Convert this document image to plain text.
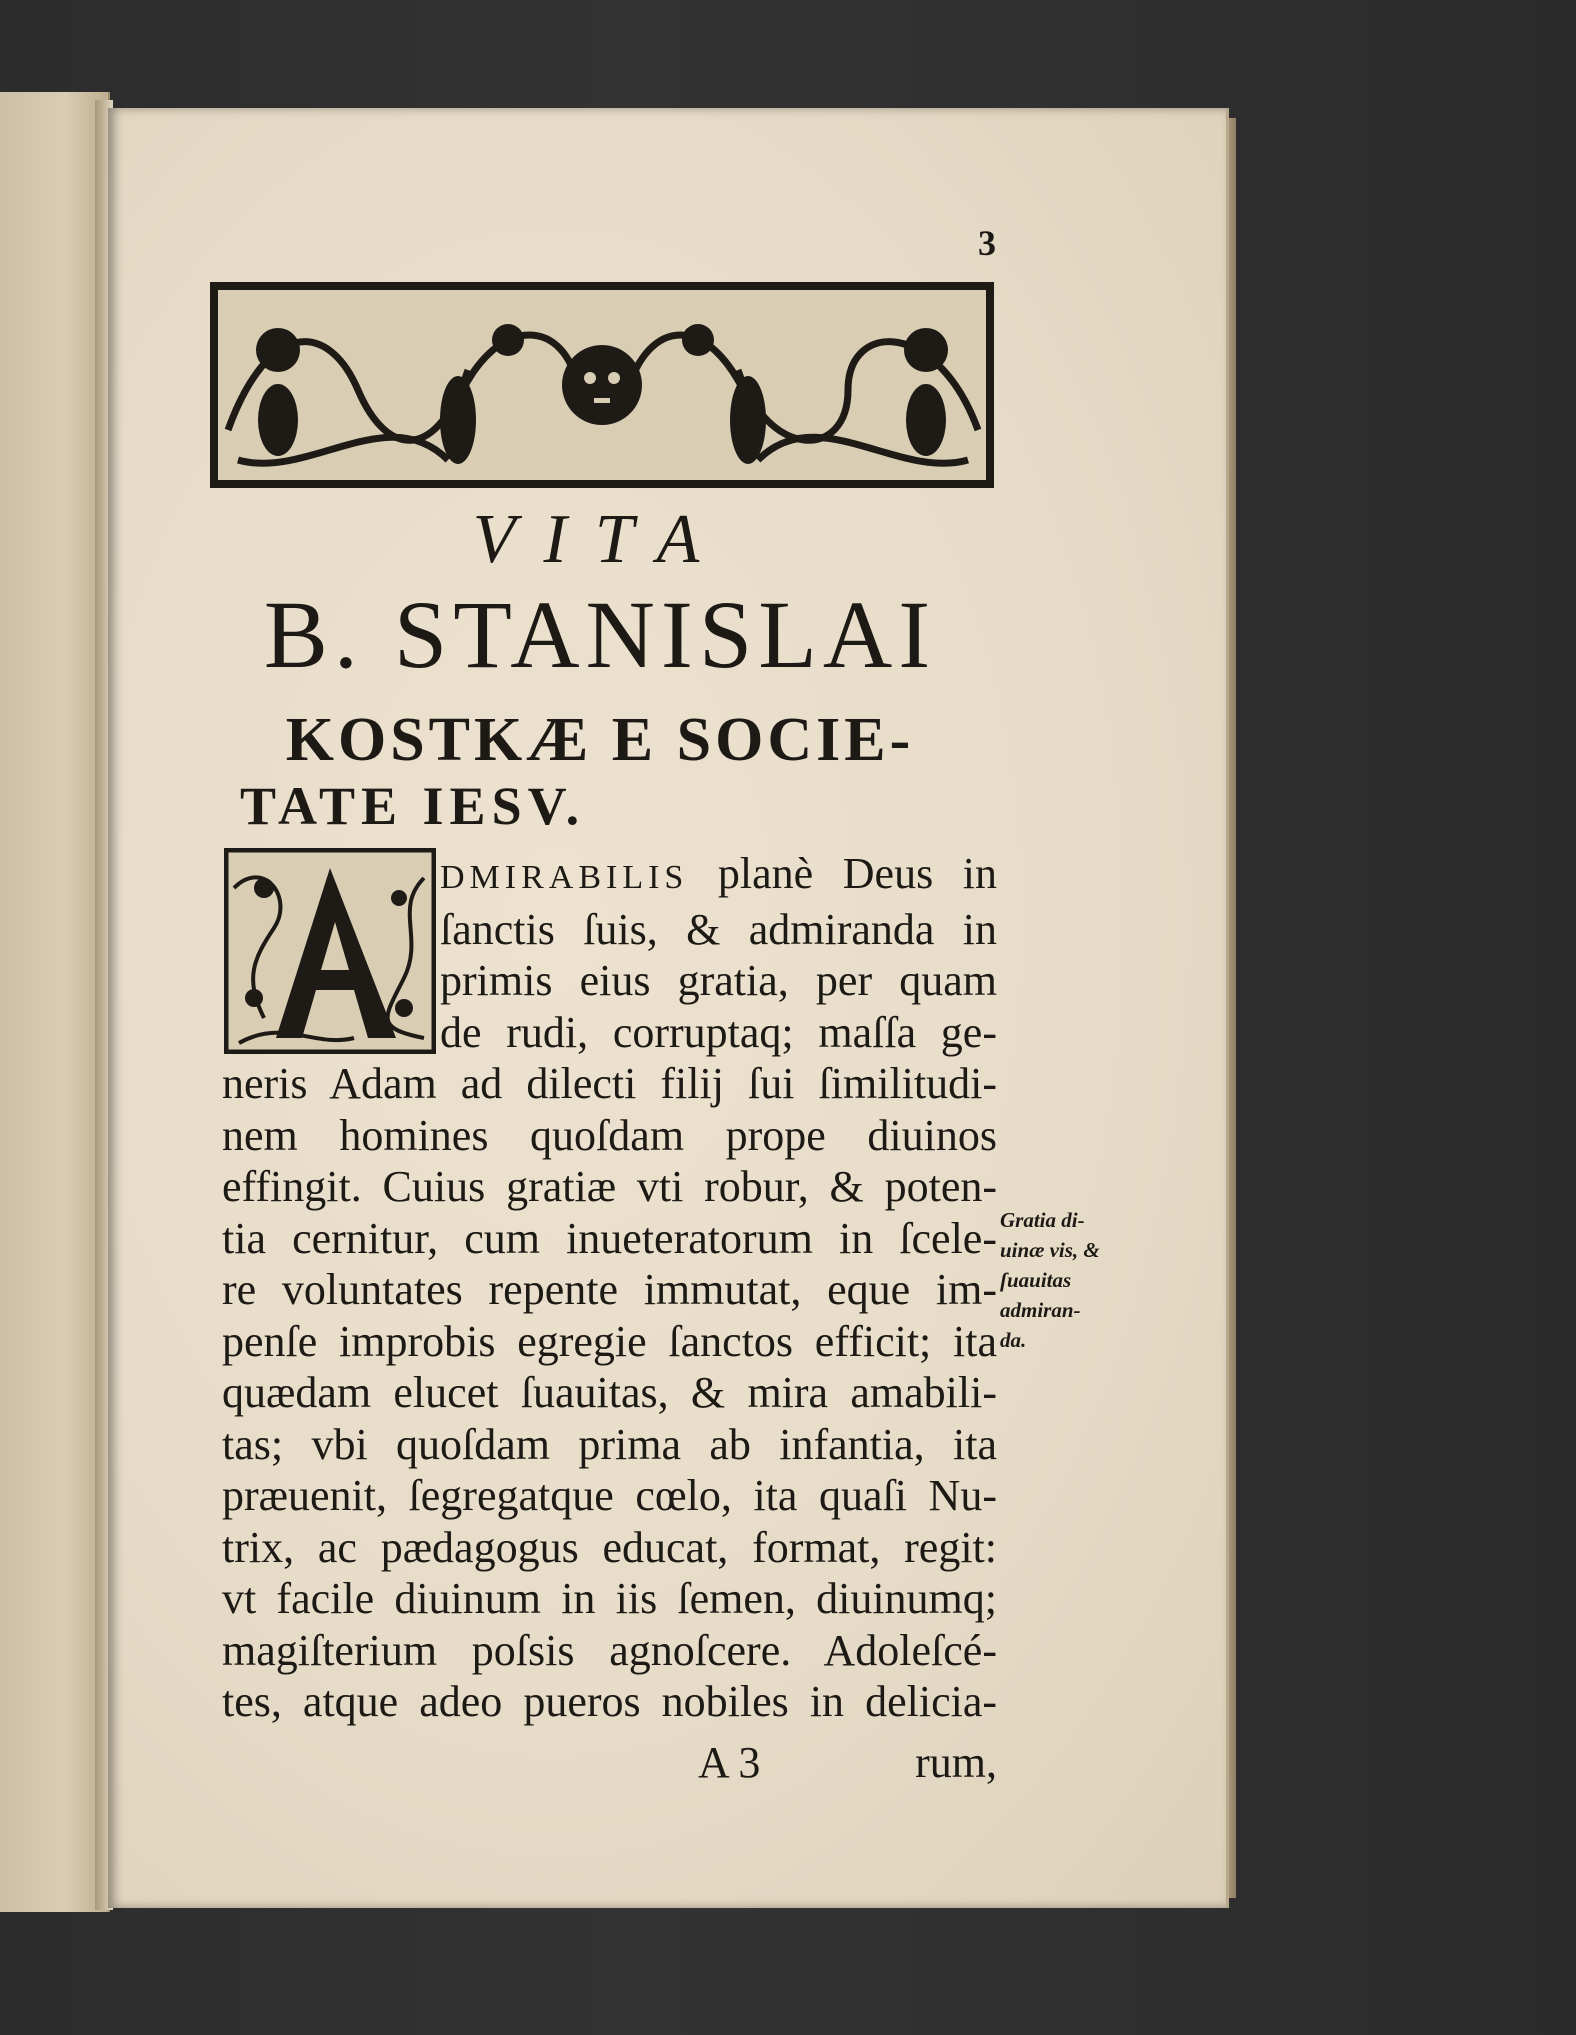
3
VITA
B. STANISLAI
KOSTKÆ E SOCIE-
TATE IESV.
DMIRABILIS planè Deus in
ſanctis ſuis, & admiranda in
primis eius gratia, per quam
de rudi, corruptaq; maſſa ge-
neris Adam ad dilecti filij ſui ſimilitudi-
nem homines quoſdam prope diuinos
effingit. Cuius gratiæ vti robur, & poten-
tia cernitur, cum inueteratorum in ſcele-
re voluntates repente immutat, eque im-
penſe improbis egregie ſanctos efficit; ita
quædam elucet ſuauitas, & mira amabili-
tas; vbi quoſdam prima ab infantia, ita
præuenit, ſegregatque cœlo, ita quaſi Nu-
trix, ac pædagogus educat, format, regit:
vt facile diuinum in iis ſemen, diuinumq;
magiſterium poſsis agnoſcere. Adoleſcé-
tes, atque adeo pueros nobiles in delicia-
A 3	rum,
Gratia di-
uinæ vis, &
ſuauitas
admiran-
da.
